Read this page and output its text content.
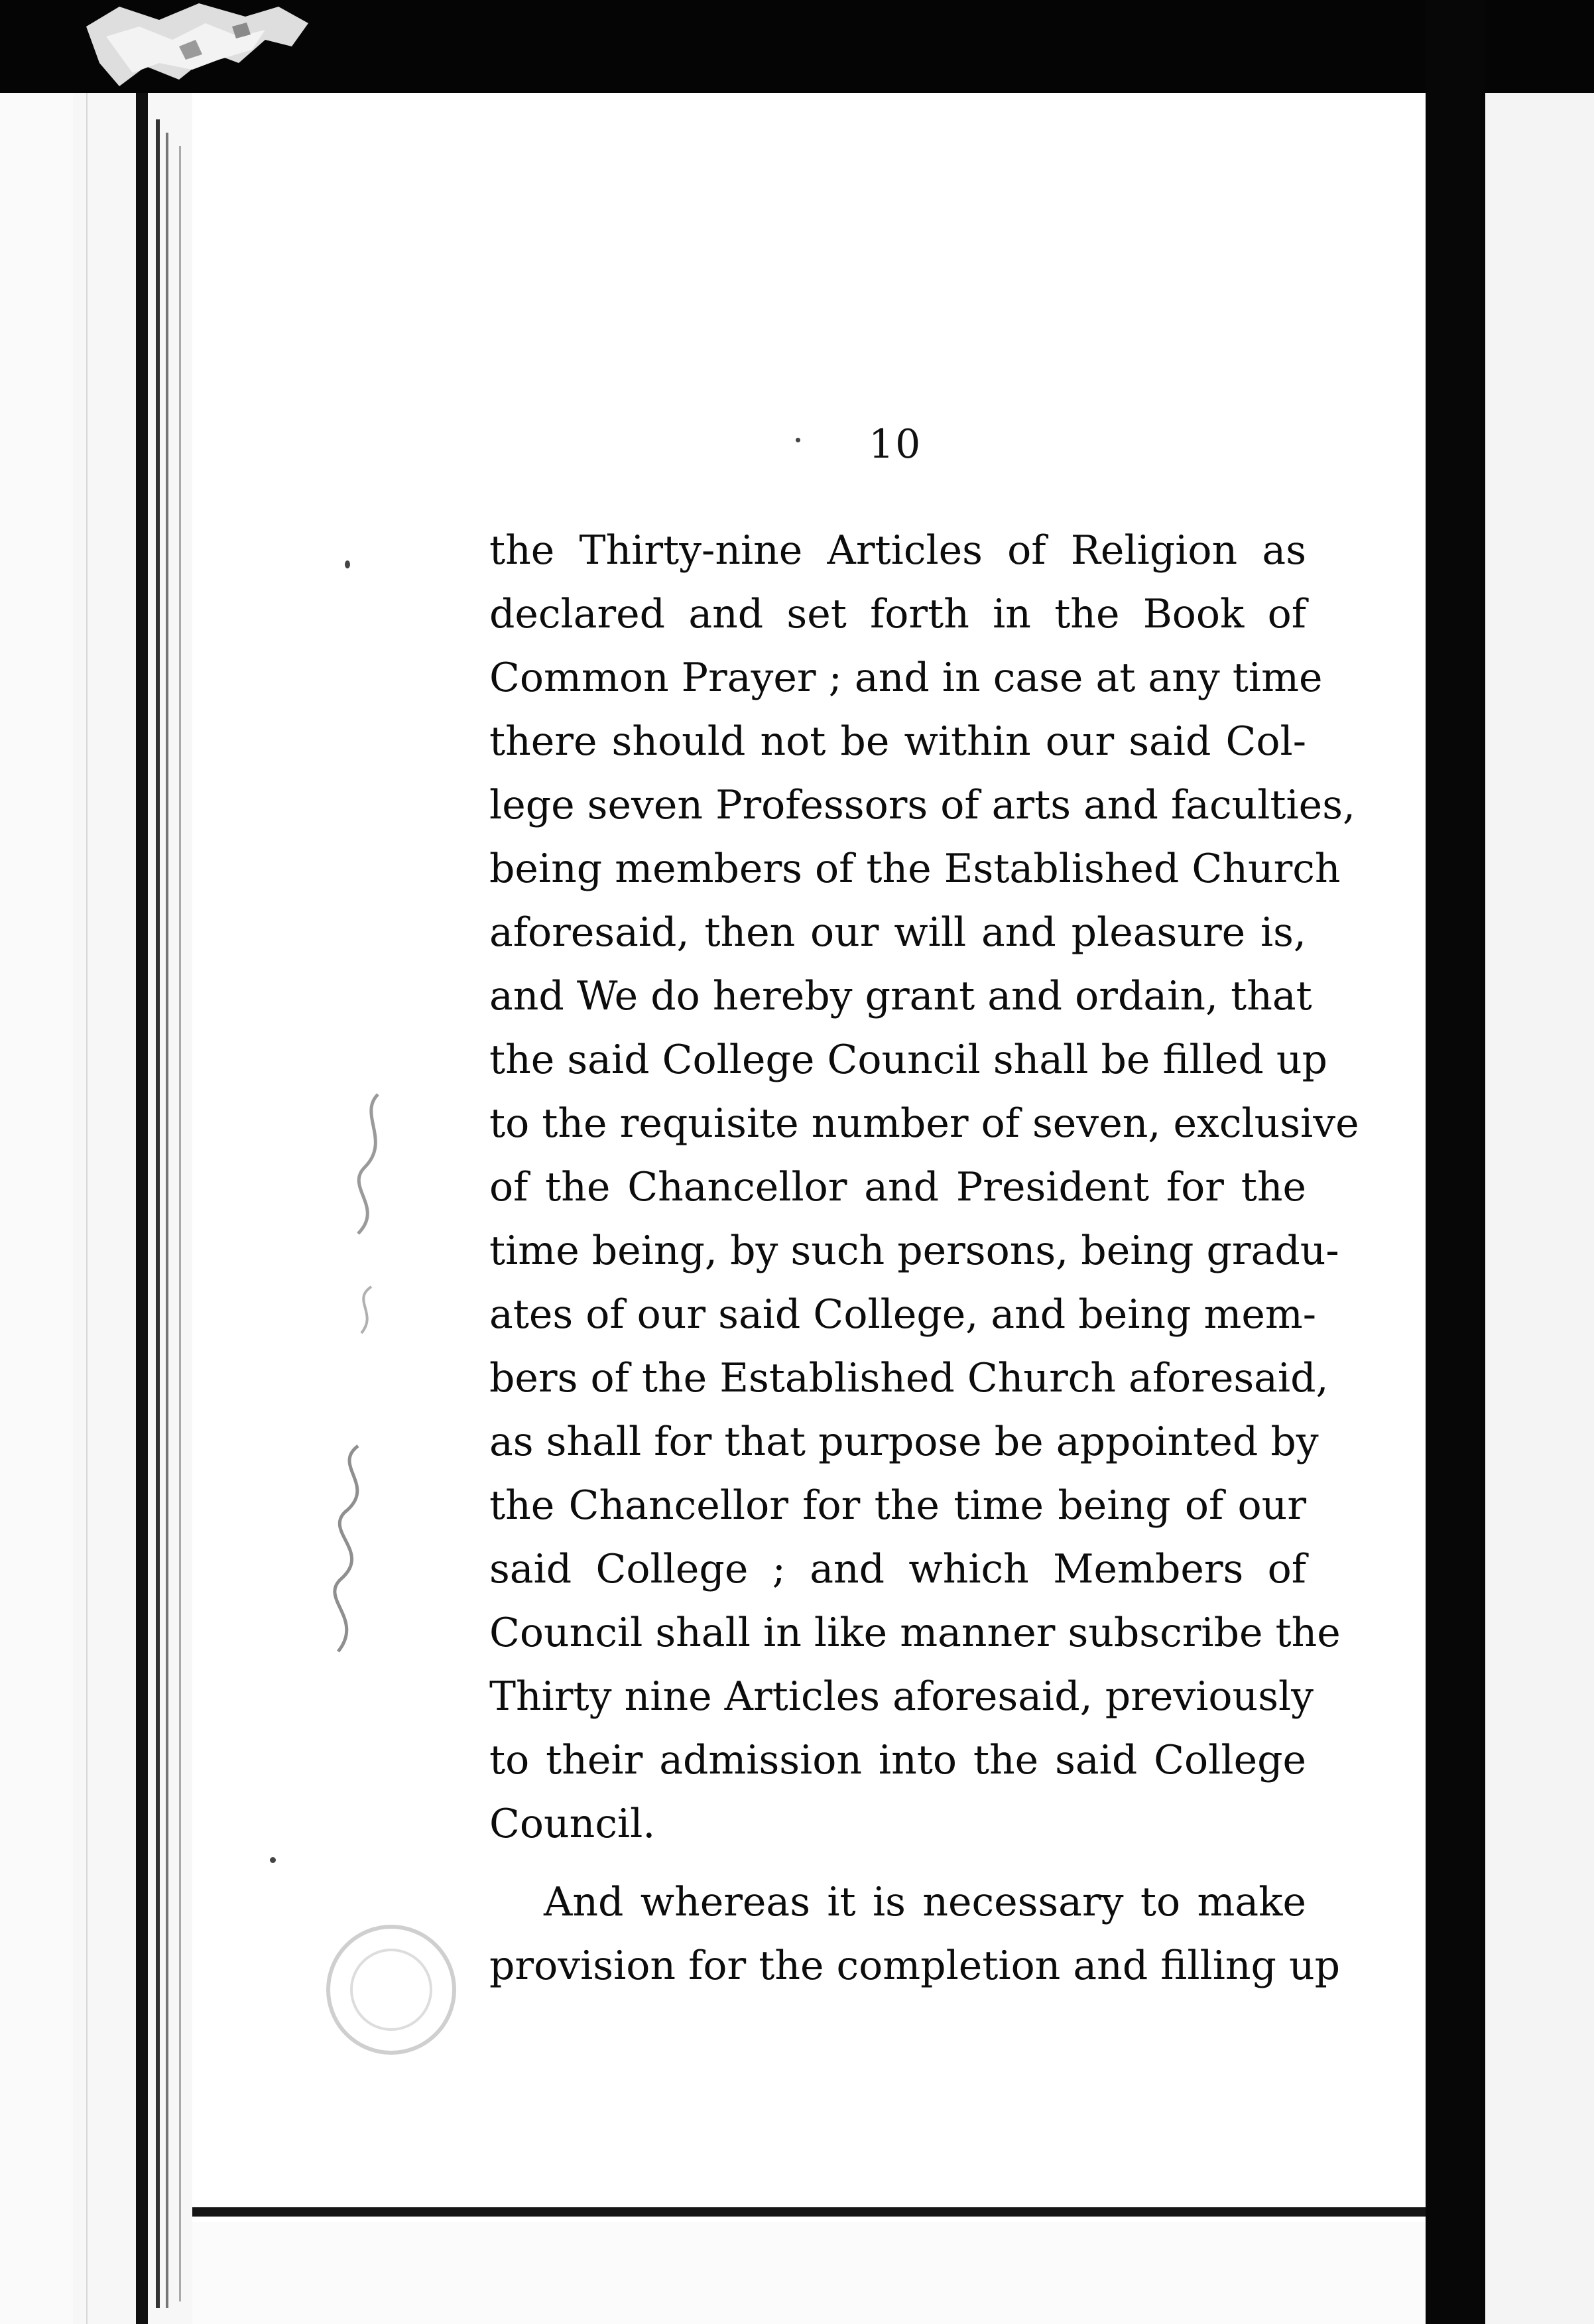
10
the Thirty-nine Articles of Religion as
declared and set forth in the Book of
Common Prayer ; and in case at any time
there should not be within our said Col-
lege seven Professors of arts and faculties,
being members of the Established Church
aforesaid, then our will and pleasure is,
and We do hereby grant and ordain, that
the said College Council shall be filled up
to the requisite number of seven, exclusive
of the Chancellor and President for the
time being, by such persons, being gradu-
ates of our said College, and being mem-
bers of the Established Church aforesaid,
as shall for that purpose be appointed by
the Chancellor for the time being of our
said College ; and which Members of
Council shall in like manner subscribe the
Thirty nine Articles aforesaid, previously
to their admission into the said College
Council.
And whereas it is necessary to make
provision for the completion and filling up
